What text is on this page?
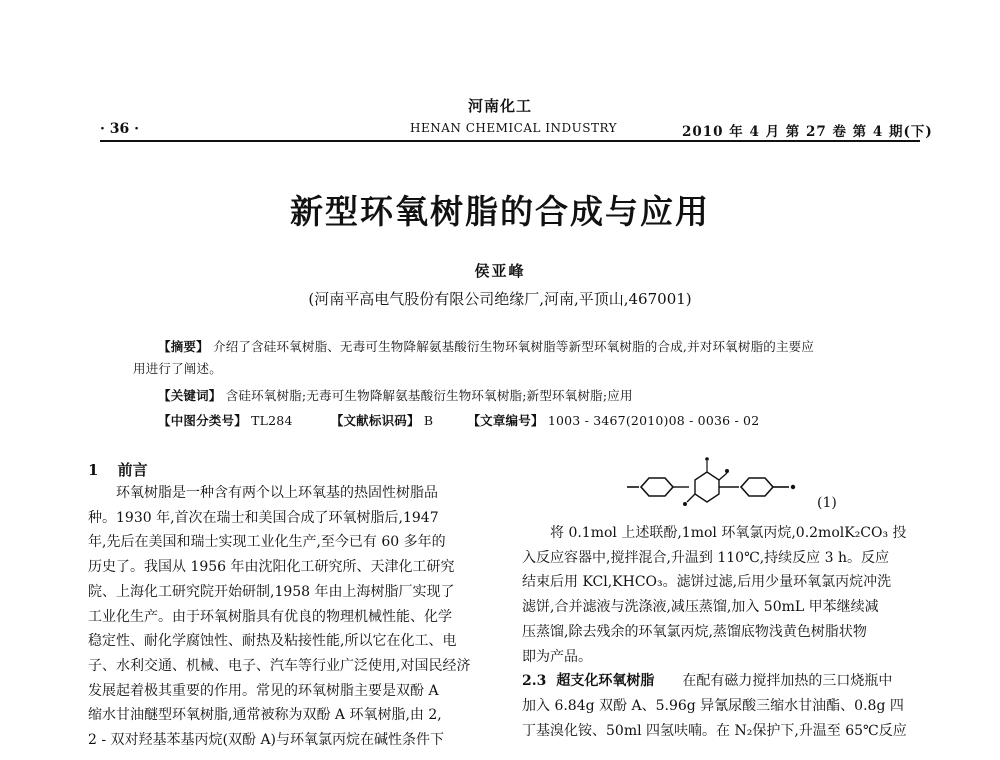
河南化工
· 36 ·	HENAN CHEMICAL INDUSTRY	2010 年 4 月 第 27 卷 第 4 期(下)
新型环氧树脂的合成与应用
侯亚峰
(河南平高电气股份有限公司绝缘厂,河南,平顶山,467001)
【摘要】 介绍了含硅环氧树脂、无毒可生物降解氨基酸衍生物环氧树脂等新型环氧树脂的合成,并对环氧树脂的主要应
用进行了阐述。
【关键词】 含硅环氧树脂;无毒可生物降解氨基酸衍生物环氧树脂;新型环氧树脂;应用
【中图分类号】 TL284	【文献标识码】 B	【文章编号】 1003 - 3467(2010)08 - 0036 - 02
1 前言

　　环氧树脂是一种含有两个以上环氧基的热固性树脂品

种。1930 年,首次在瑞士和美国合成了环氧树脂后,1947

年,先后在美国和瑞士实现工业化生产,至今已有 60 多年的

历史了。我国从 1956 年由沈阳化工研究所、天津化工研究

院、上海化工研究院开始研制,1958 年由上海树脂厂实现了

工业化生产。由于环氧树脂具有优良的物理机械性能、化学

稳定性、耐化学腐蚀性、耐热及粘接性能,所以它在化工、电

子、水利交通、机械、电子、汽车等行业广泛使用,对国民经济

发展起着极其重要的作用。常见的环氧树脂主要是双酚 A

缩水甘油醚型环氧树脂,通常被称为双酚 A 环氧树脂,由 2,

2 - 双对羟基苯基丙烷(双酚 A)与环氧氯丙烷在碱性条件下

(1)

　　将 0.1mol 上述联酚,1mol 环氧氯丙烷,0.2molK₂CO₃ 投

入反应容器中,搅拌混合,升温到 110℃,持续反应 3 h。反应

结束后用 KCl,KHCO₃。滤饼过滤,后用少量环氧氯丙烷冲洗

滤饼,合并滤液与洗涤液,减压蒸馏,加入 50mL 甲苯继续减

压蒸馏,除去残余的环氧氯丙烷,蒸馏底物浅黄色树脂状物

即为产品。

2.3 超支化环氧树脂　　在配有磁力搅拌加热的三口烧瓶中

加入 6.84g 双酚 A、5.96g 异氰尿酸三缩水甘油酯、0.8g 四

丁基溴化铵、50ml 四氢呋喃。在 N₂保护下,升温至 65℃反应
